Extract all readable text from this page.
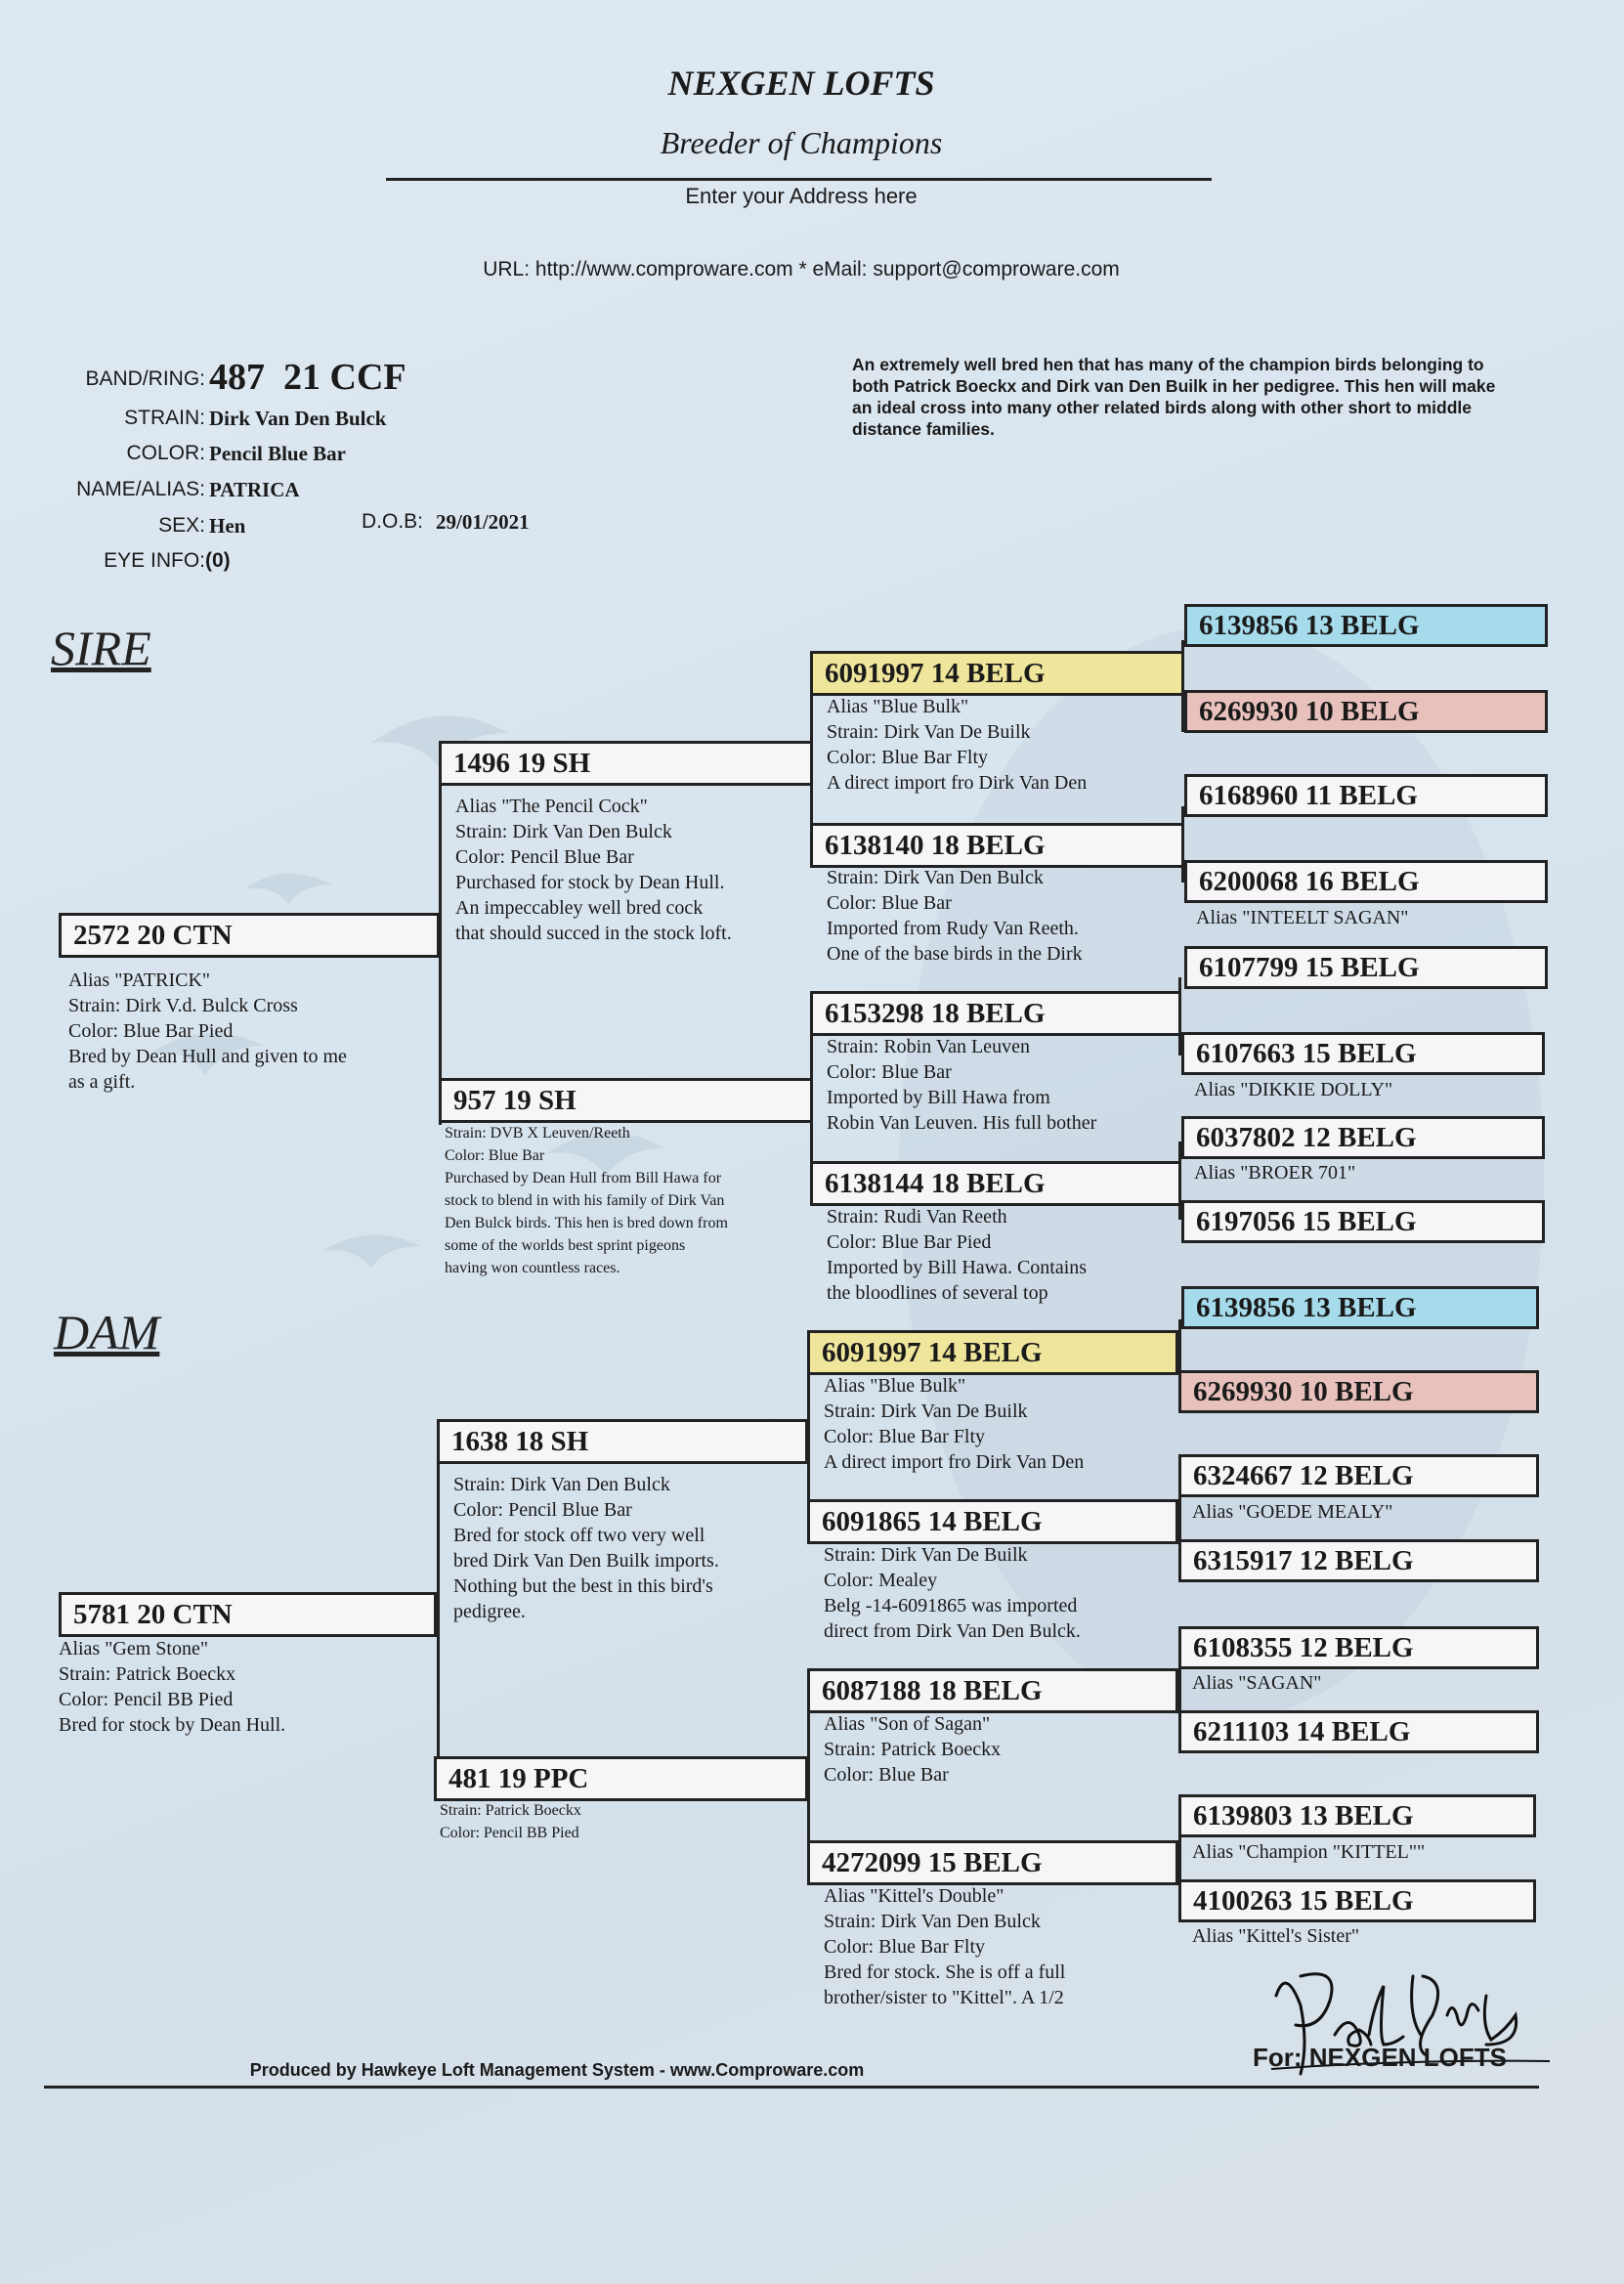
NEXGEN LOFTS
Breeder of Champions
Enter your Address here
URL: http://www.comproware.com * eMail: support@comproware.com
BAND/RING: 487  21 CCF
STRAIN: Dirk Van Den Bulck
COLOR: Pencil Blue Bar
NAME/ALIAS: PATRICA
SEX: Hen	D.O.B: 29/01/2021
EYE INFO: (0)
An extremely well bred hen that has many of the champion birds belonging to both Patrick Boeckx and Dirk van Den Builk in her pedigree. This hen will make an ideal cross into many other related birds along with other short to middle distance families.
SIRE
DAM
2572 20 CTN
Alias "PATRICK"
Strain: Dirk V.d. Bulck Cross
Color: Blue Bar Pied
Bred by Dean Hull and given to me
as a gift.
1496 19 SH
Alias "The Pencil Cock"
Strain: Dirk Van Den Bulck
Color: Pencil Blue Bar
Purchased for stock by Dean Hull.
An impeccabley well bred cock
that should succed in the stock loft.
957 19 SH
Strain: DVB X Leuven/Reeth
Color: Blue Bar
Purchased by Dean Hull from Bill Hawa for
stock to blend in with his family of Dirk Van
Den Bulck birds. This hen is bred down from
some of the worlds best sprint pigeons
having won countless races.
6091997 14 BELG
Alias "Blue Bulk"
Strain: Dirk Van De Builk
Color: Blue Bar Flty
A direct import fro Dirk Van Den
6138140 18 BELG
Strain: Dirk Van Den Bulck
Color: Blue Bar
Imported from Rudy Van Reeth.
One of the base birds in the Dirk
6153298 18 BELG
Strain: Robin Van Leuven
Color: Blue Bar
Imported by Bill Hawa from
Robin Van Leuven. His full bother
6138144 18 BELG
Strain: Rudi Van Reeth
Color: Blue Bar Pied
Imported by Bill Hawa. Contains
the bloodlines of several top
6139856 13 BELG
6269930 10 BELG
6168960 11 BELG
6200068 16 BELG
Alias "INTEELT SAGAN"
6107799 15 BELG
6107663 15 BELG
Alias "DIKKIE DOLLY"
6037802 12 BELG
Alias "BROER 701"
6197056 15 BELG
5781 20 CTN
Alias "Gem Stone"
Strain: Patrick Boeckx
Color: Pencil BB Pied
Bred for stock by Dean Hull.
1638 18 SH
Strain: Dirk Van Den Bulck
Color: Pencil Blue Bar
Bred for stock off two very well
bred Dirk Van Den Builk imports.
Nothing but the best in this bird's
pedigree.
481 19 PPC
Strain: Patrick Boeckx
Color: Pencil BB Pied
6091997 14 BELG
Alias "Blue Bulk"
Strain: Dirk Van De Builk
Color: Blue Bar Flty
A direct import fro Dirk Van Den
6091865 14 BELG
Strain: Dirk Van De Builk
Color: Mealey
Belg -14-6091865 was imported
direct from Dirk Van Den Bulck.
6087188 18 BELG
Alias "Son of Sagan"
Strain: Patrick Boeckx
Color: Blue Bar
4272099 15 BELG
Alias "Kittel's Double"
Strain: Dirk Van Den Bulck
Color: Blue Bar Flty
Bred for stock. She is off a full
brother/sister to "Kittel". A 1/2
6139856 13 BELG
6269930 10 BELG
6324667 12 BELG
Alias "GOEDE MEALY"
6315917 12 BELG
6108355 12 BELG
Alias "SAGAN"
6211103 14 BELG
6139803 13 BELG
Alias "Champion "KITTEL""
4100263 15 BELG
Alias "Kittel's Sister"
For: NEXGEN LOFTS
Produced by Hawkeye Loft Management System - www.Comproware.com
